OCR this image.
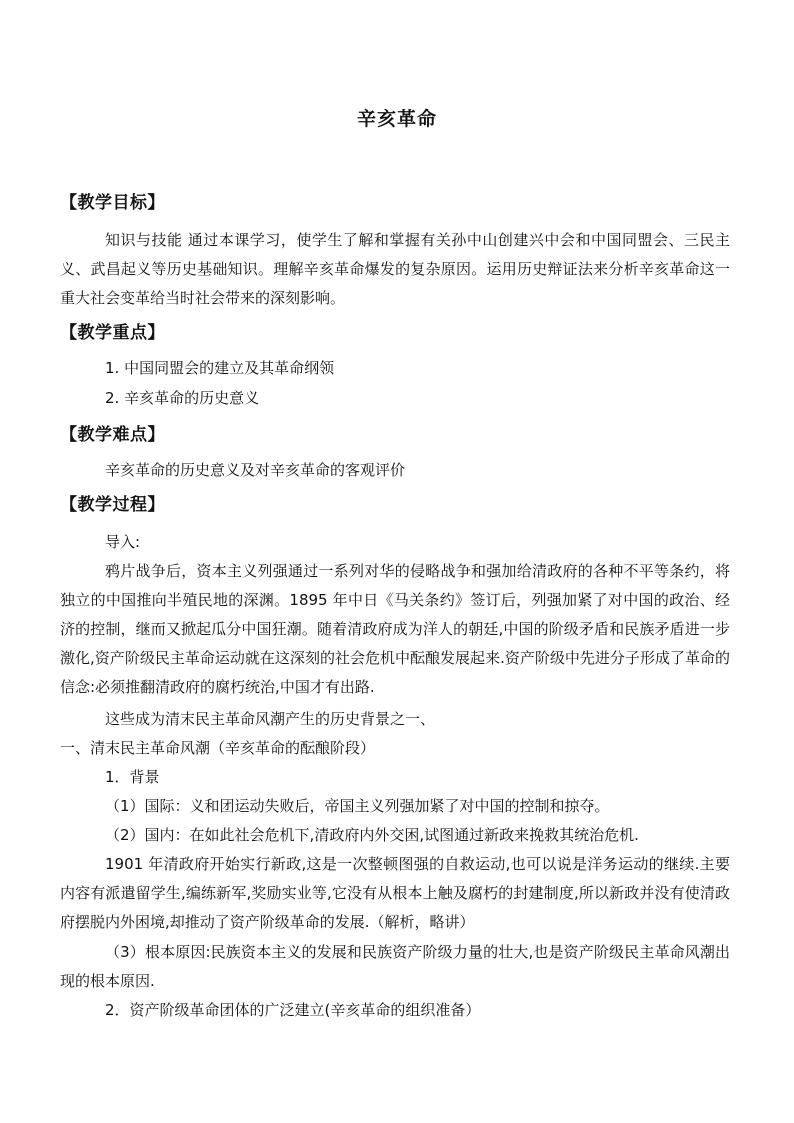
辛亥革命
【教学目标】
知识与技能 通过本课学习，使学生了解和掌握有关孙中山创建兴中会和中国同盟会、三民主义、武昌起义等历史基础知识。理解辛亥革命爆发的复杂原因。运用历史辩证法来分析辛亥革命这一重大社会变革给当时社会带来的深刻影响。
【教学重点】
1. 中国同盟会的建立及其革命纲领
2. 辛亥革命的历史意义
【教学难点】
辛亥革命的历史意义及对辛亥革命的客观评价
【教学过程】
导入:
鸦片战争后，资本主义列强通过一系列对华的侵略战争和强加给清政府的各种不平等条约，将独立的中国推向半殖民地的深渊。1895 年中日《马关条约》签订后，列强加紧了对中国的政治、经济的控制，继而又掀起瓜分中国狂潮。随着清政府成为洋人的朝廷,中国的阶级矛盾和民族矛盾进一步激化,资产阶级民主革命运动就在这深刻的社会危机中酝酿发展起来.资产阶级中先进分子形成了革命的信念:必须推翻清政府的腐朽统治,中国才有出路.
这些成为清末民主革命风潮产生的历史背景之一、
一、清末民主革命风潮（辛亥革命的酝酿阶段）
1．背景
（1）国际：义和团运动失败后，帝国主义列强加紧了对中国的控制和掠夺。
（2）国内：在如此社会危机下,清政府内外交困,试图通过新政来挽救其统治危机.
1901 年清政府开始实行新政,这是一次整顿图强的自救运动,也可以说是洋务运动的继续.主要内容有派遣留学生,编练新军,奖励实业等,它没有从根本上触及腐朽的封建制度,所以新政并没有使清政府摆脱内外困境,却推动了资产阶级革命的发展.（解析，略讲）
（3）根本原因:民族资本主义的发展和民族资产阶级力量的壮大,也是资产阶级民主革命风潮出现的根本原因.
2．资产阶级革命团体的广泛建立(辛亥革命的组织准备）
